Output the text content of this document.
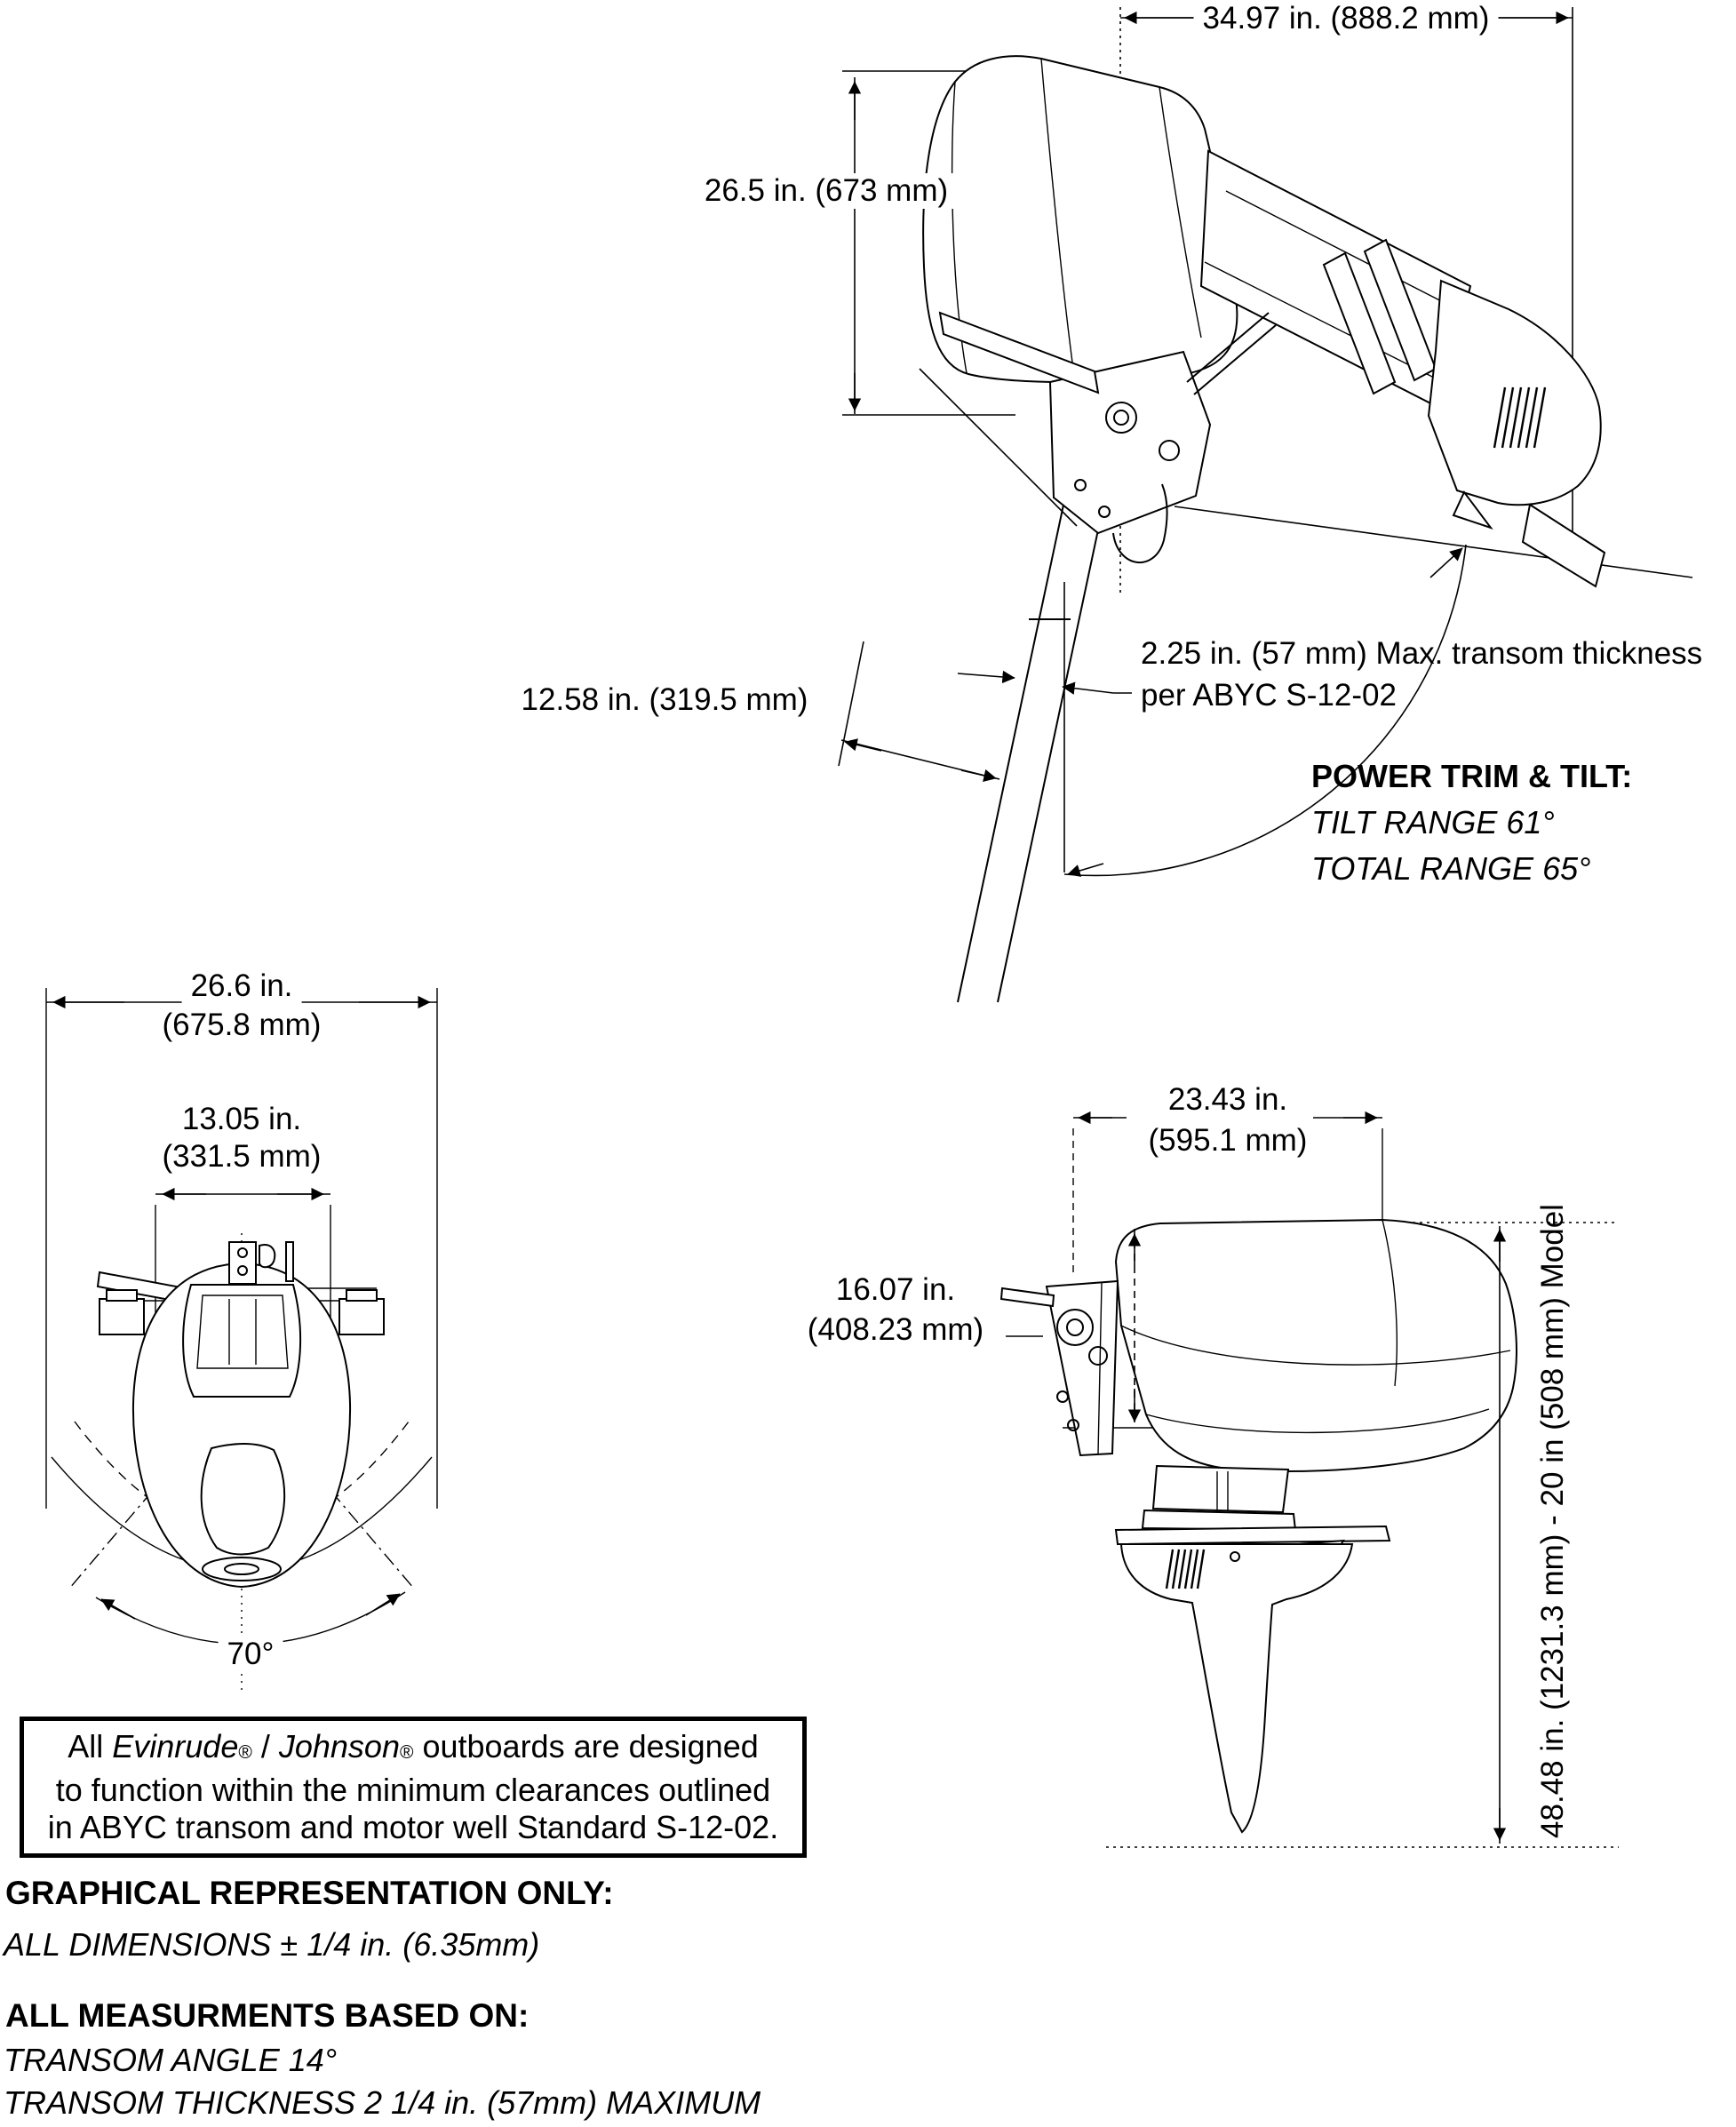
34.97 in. (888.2 mm)
26.5 in. (673 mm)
12.58 in. (319.5 mm)
2.25 in. (57 mm) Max. transom thickness
per ABYC S-12-02
POWER TRIM & TILT:
TILT RANGE 61°
TOTAL RANGE 65°
26.6 in.
(675.8 mm)
13.05 in.
(331.5 mm)
70°
23.43 in.
(595.1 mm)
16.07 in.
(408.23 mm)	48.48 in. (1231.3 mm) - 20 in (508 mm) Model
All Evinrude® / Johnson® outboards are designed
to function within the minimum clearances outlined
in ABYC transom and motor well Standard S-12-02.
GRAPHICAL REPRESENTATION ONLY:
ALL DIMENSIONS ± 1/4 in. (6.35mm)
ALL MEASURMENTS BASED ON:
TRANSOM ANGLE 14°
TRANSOM THICKNESS 2 1/4 in. (57mm) MAXIMUM
